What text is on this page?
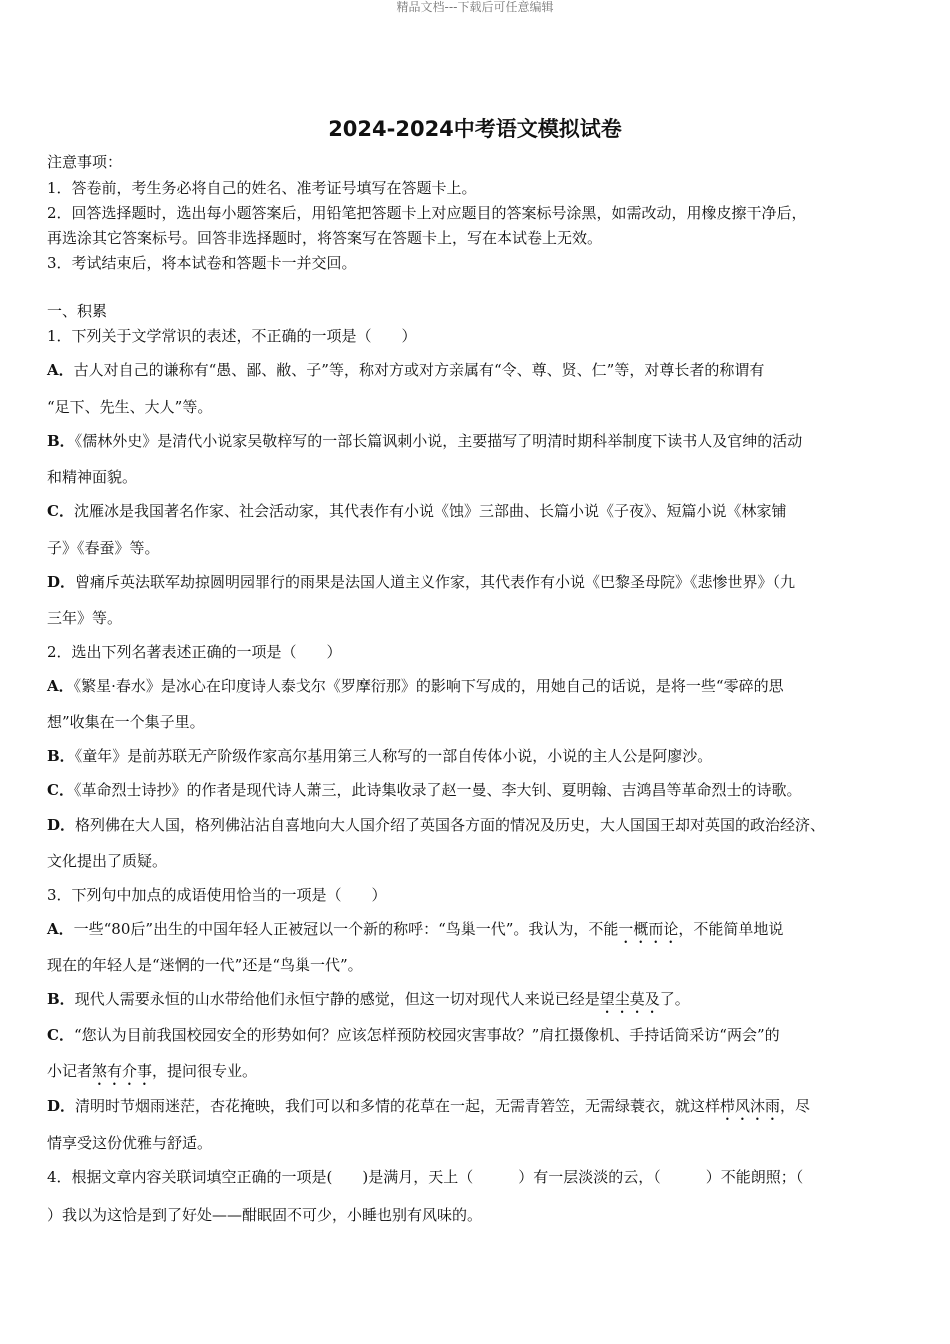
精品文档---下载后可任意编辑
2024-2024中考语文模拟试卷
注意事项：
1．答卷前，考生务必将自己的姓名、准考证号填写在答题卡上。
2．回答选择题时，选出每小题答案后，用铅笔把答题卡上对应题目的答案标号涂黑，如需改动，用橡皮擦干净后，
再选涂其它答案标号。回答非选择题时，将答案写在答题卡上，写在本试卷上无效。
3．考试结束后，将本试卷和答题卡一并交回。
一、积累
1．下列关于文学常识的表述，不正确的一项是（　　）
A．古人对自己的谦称有“愚、鄙、敝、子”等，称对方或对方亲属有“令、尊、贤、仁”等，对尊长者的称谓有
“足下、先生、大人”等。
B．《儒林外史》是清代小说家吴敬梓写的一部长篇讽刺小说，主要描写了明清时期科举制度下读书人及官绅的活动
和精神面貌。
C．沈雁冰是我国著名作家、社会活动家，其代表作有小说《蚀》三部曲、长篇小说《子夜》、短篇小说《林家铺
子》《春蚕》等。
D．曾痛斥英法联军劫掠圆明园罪行的雨果是法国人道主义作家，其代表作有小说《巴黎圣母院》《悲惨世界》（九
三年》等。
2．选出下列名著表述正确的一项是（　　）
A．《繁星·春水》是冰心在印度诗人泰戈尔《罗摩衍那》的影响下写成的，用她自己的话说，是将一些“零碎的思
想”收集在一个集子里。
B．《童年》是前苏联无产阶级作家高尔基用第三人称写的一部自传体小说，小说的主人公是阿廖沙。
C．《革命烈士诗抄》的作者是现代诗人萧三，此诗集收录了赵一曼、李大钊、夏明翰、吉鸿昌等革命烈士的诗歌。
D．格列佛在大人国，格列佛沾沾自喜地向大人国介绍了英国各方面的情况及历史，大人国国王却对英国的政治经济、
文化提出了质疑。
3．下列句中加点的成语使用恰当的一项是（　　）
A．一些“80后”出生的中国年轻人正被冠以一个新的称呼：“鸟巢一代”。我认为，不能一概而论，不能简单地说
现在的年轻人是“迷惘的一代”还是“鸟巢一代”。
B．现代人需要永恒的山水带给他们永恒宁静的感觉，但这一切对现代人来说已经是望尘莫及了。
C．“您认为目前我国校园安全的形势如何？应该怎样预防校园灾害事故？”肩扛摄像机、手持话筒采访“两会”的
小记者煞有介事，提问很专业。
D．清明时节烟雨迷茫，杏花掩映，我们可以和多情的花草在一起，无需青箬笠，无需绿蓑衣，就这样栉风沐雨，尽
情享受这份优雅与舒适。
4．根据文章内容关联词填空正确的一项是(　　)是满月，天上（　　　）有一层淡淡的云，（　　　）不能朗照；（
）我以为这恰是到了好处——酣眠固不可少，小睡也别有风味的。
